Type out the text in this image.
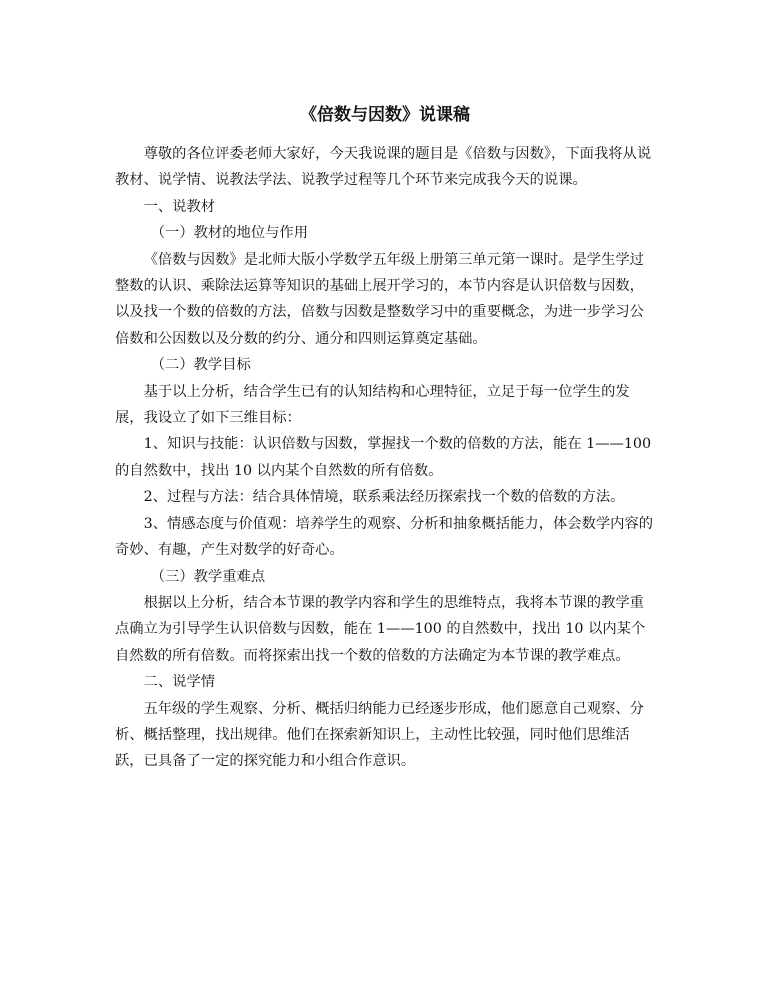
《倍数与因数》说课稿

尊敬的各位评委老师大家好，今天我说课的题目是《倍数与因数》，下面我将从说教材、说学情、说教法学法、说教学过程等几个环节来完成我今天的说课。

一、说教材

（一）教材的地位与作用

《倍数与因数》是北师大版小学数学五年级上册第三单元第一课时。是学生学过整数的认识、乘除法运算等知识的基础上展开学习的，本节内容是认识倍数与因数，以及找一个数的倍数的方法，倍数与因数是整数学习中的重要概念，为进一步学习公倍数和公因数以及分数的约分、通分和四则运算奠定基础。

（二）教学目标

基于以上分析，结合学生已有的认知结构和心理特征，立足于每一位学生的发展，我设立了如下三维目标：

1、知识与技能：认识倍数与因数，掌握找一个数的倍数的方法，能在 1——100 的自然数中，找出 10 以内某个自然数的所有倍数。

2、过程与方法：结合具体情境，联系乘法经历探索找一个数的倍数的方法。

3、情感态度与价值观：培养学生的观察、分析和抽象概括能力，体会数学内容的奇妙、有趣，产生对数学的好奇心。

（三）教学重难点

根据以上分析，结合本节课的教学内容和学生的思维特点，我将本节课的教学重点确立为引导学生认识倍数与因数，能在 1——100 的自然数中，找出 10 以内某个自然数的所有倍数。而将探索出找一个数的倍数的方法确定为本节课的教学难点。

二、说学情

五年级的学生观察、分析、概括归纳能力已经逐步形成，他们愿意自己观察、分析、概括整理，找出规律。他们在探索新知识上，主动性比较强，同时他们思维活跃，已具备了一定的探究能力和小组合作意识。
